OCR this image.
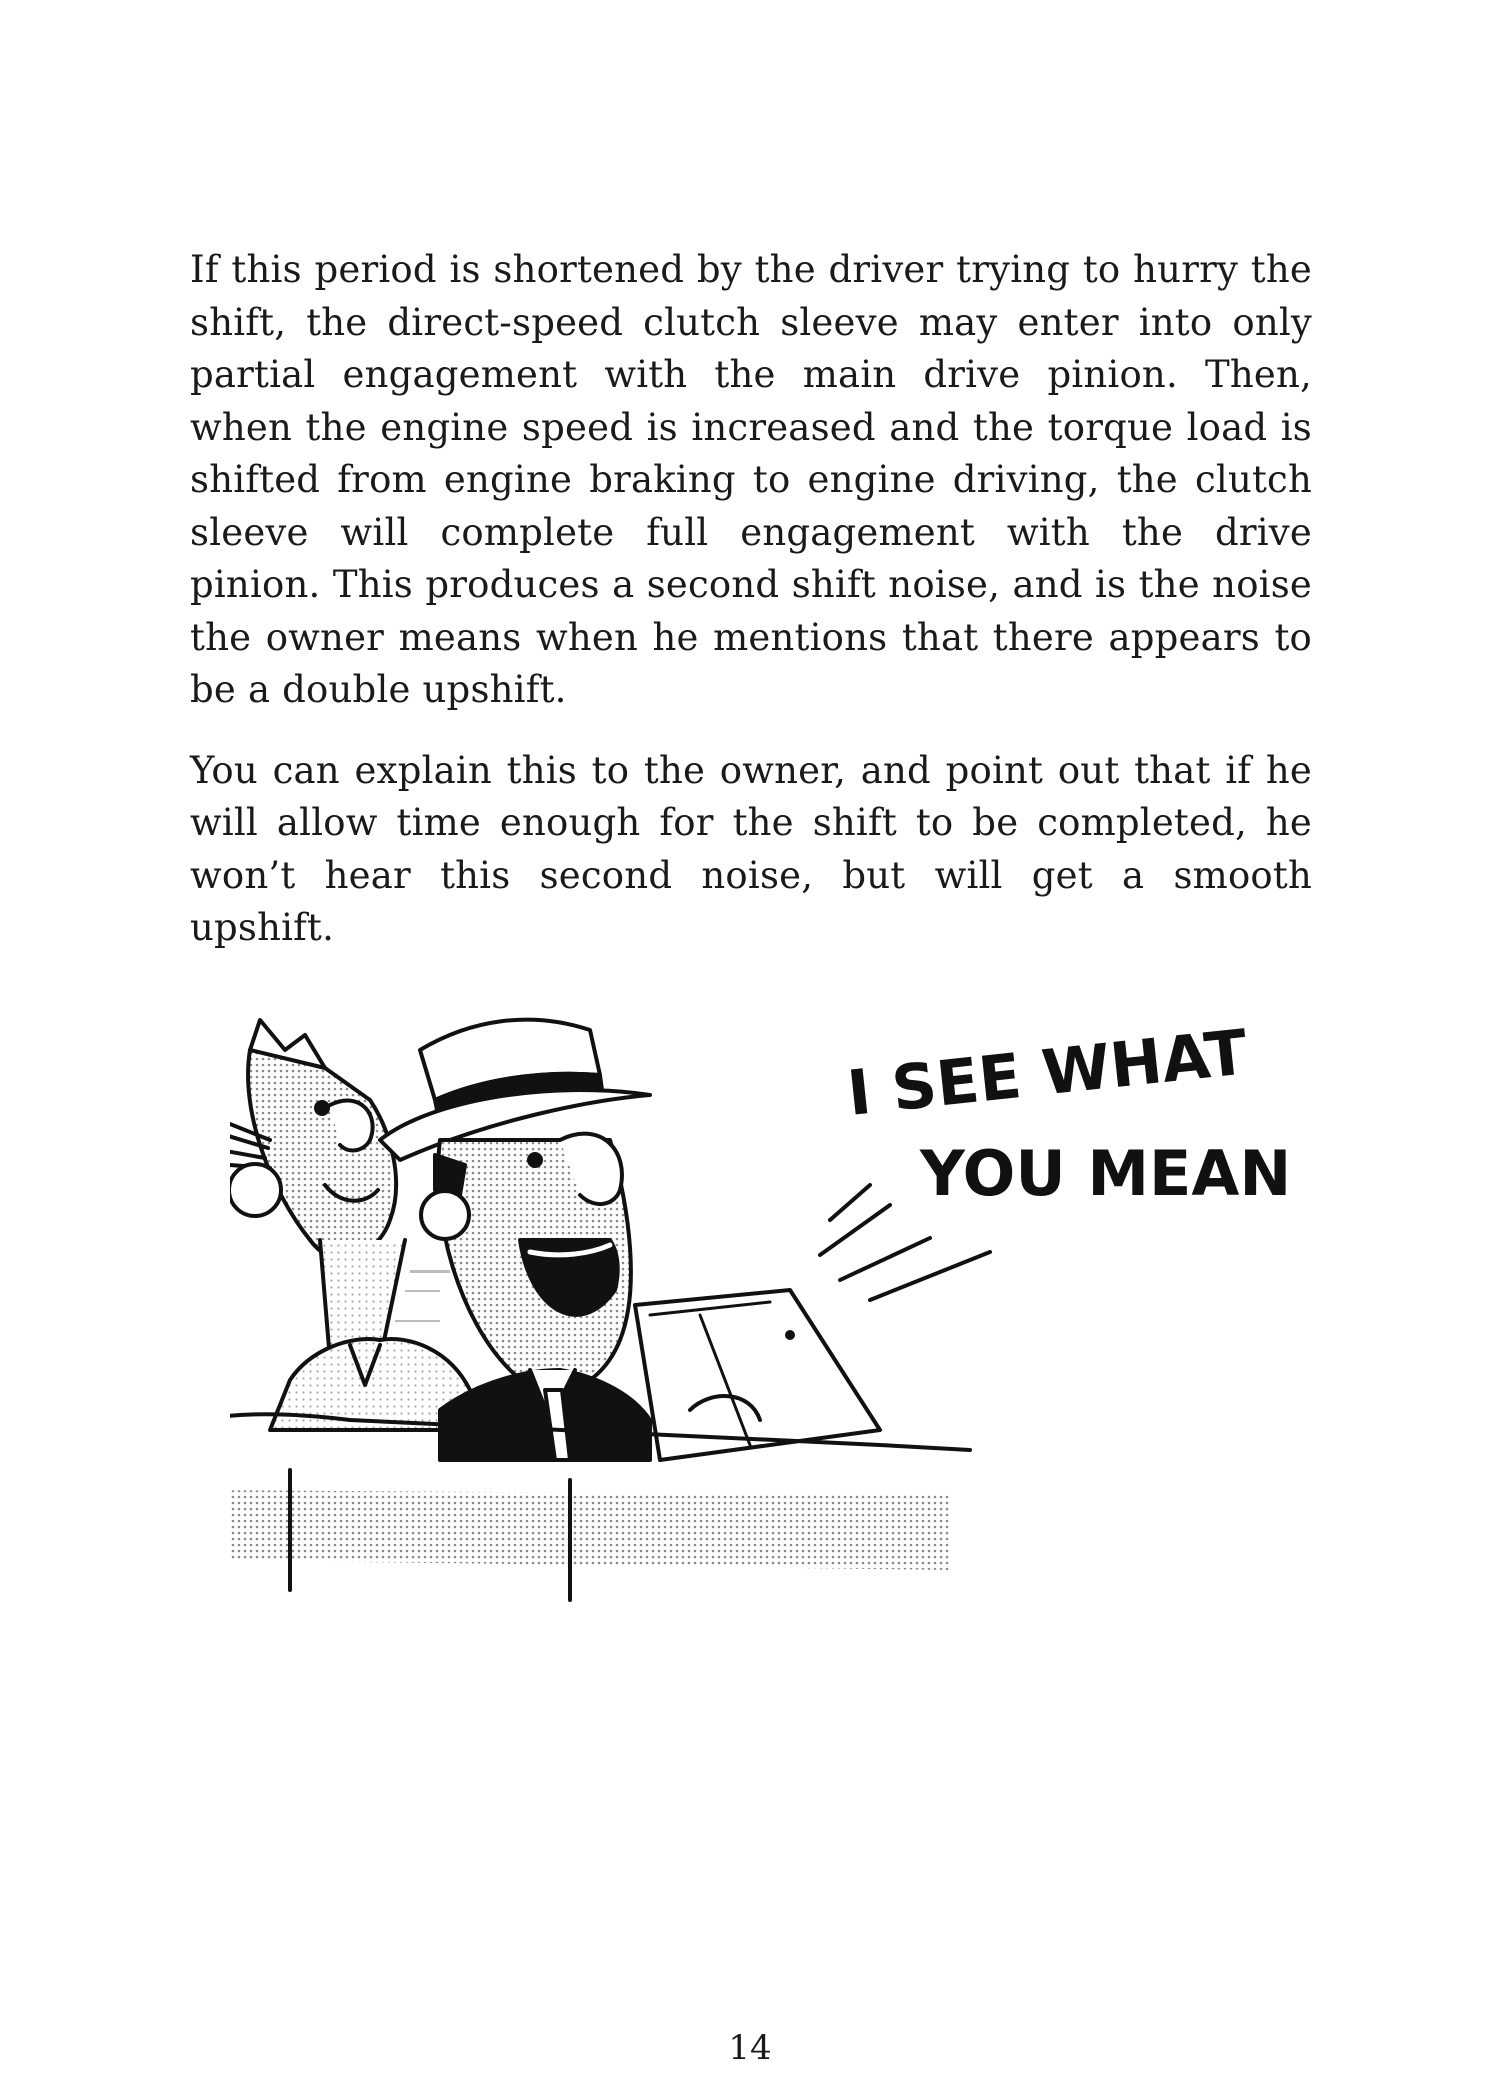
If this period is shortened by the driver trying to hurry the shift, the direct-speed clutch sleeve may enter into only partial engagement with the main drive pinion. Then, when the engine speed is increased and the torque load is shifted from engine braking to engine driving, the clutch sleeve will complete full engagement with the drive pinion. This produces a second shift noise, and is the noise the owner means when he mentions that there appears to be a double upshift.

You can explain this to the owner, and point out that if he will allow time enough for the shift to be completed, he won’t hear this second noise, but will get a smooth upshift.

I SEE WHAT
YOU MEAN
14
